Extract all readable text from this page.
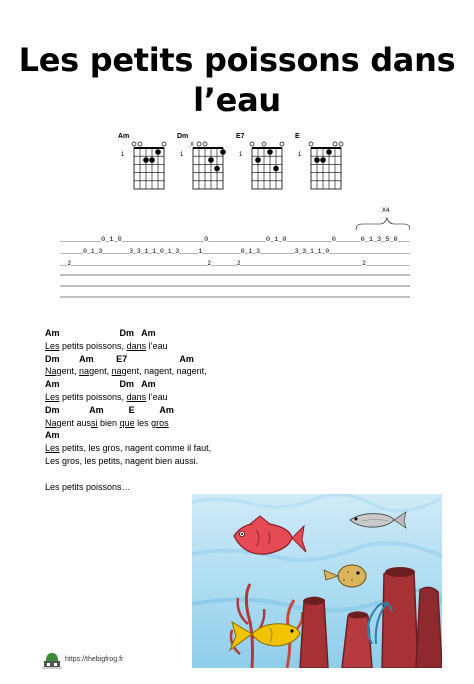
Les petits poissons dans l’eau
Am
1
Dm
1
X
E7
1
E
1
X4
__________0_1_0____________________0______________0_1_0___________0______0_1_3_5_0___
______0_1_3_______3_3_1_1_0_1_3_____1__________0_1_3_________3_3_1_1_0_____________________
__2_____________________________________2_______2_________________________________2____________
Am                        Dm   Am
Les petits poissons, dans l’eau
Dm        Am         E7                     Am
Nagent, nagent, nagent, nagent, nagent,
Am                        Dm   Am
Les petits poissons, dans l’eau
Dm            Am          E          Am
Nagent aussi bien que les gros
Am
Les petits, les gros, nagent comme il faut,
Les gros, les petits, nagent bien aussi.
Les petits poissons…
https://thebigfrog.fr
